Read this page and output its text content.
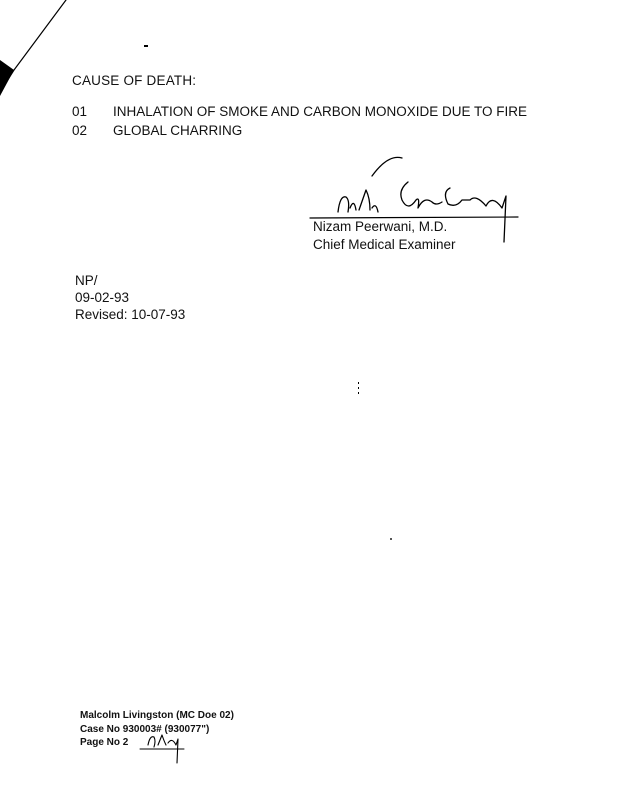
CAUSE OF DEATH:
01 INHALATION OF SMOKE AND CARBON MONOXIDE DUE TO FIRE
02 GLOBAL CHARRING
Nizam Peerwani, M.D.
Chief Medical Examiner
NP/
09-02-93
Revised: 10-07-93
Malcolm Livingston (MC Doe 02)
Case No 930003# (930077")
Page No 2
